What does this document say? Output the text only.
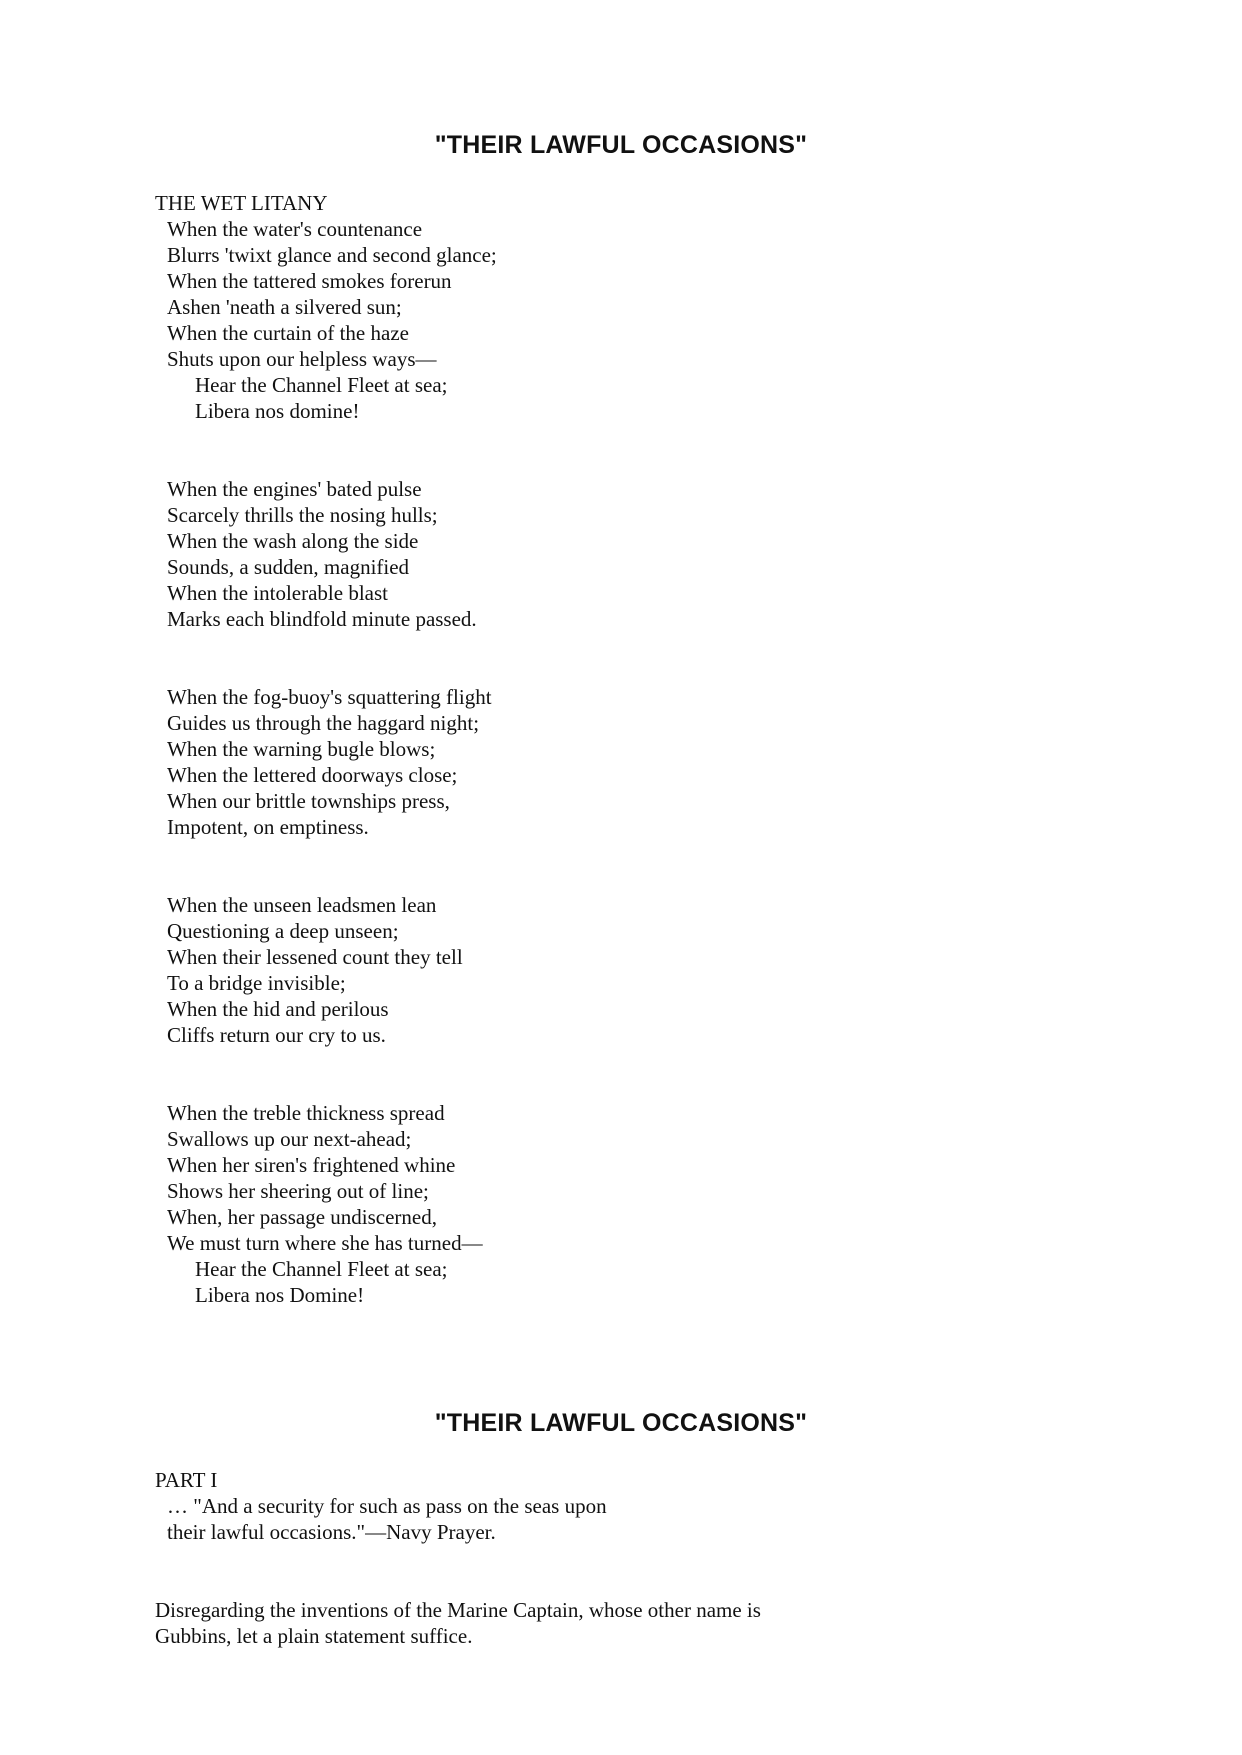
"THEIR LAWFUL OCCASIONS"
THE WET LITANY
When the water's countenance
Blurrs 'twixt glance and second glance;
When the tattered smokes forerun
Ashen 'neath a silvered sun;
When the curtain of the haze
Shuts upon our helpless ways—
Hear the Channel Fleet at sea;
Libera nos domine!
When the engines' bated pulse
Scarcely thrills the nosing hulls;
When the wash along the side
Sounds, a sudden, magnified
When the intolerable blast
Marks each blindfold minute passed.
When the fog-buoy's squattering flight
Guides us through the haggard night;
When the warning bugle blows;
When the lettered doorways close;
When our brittle townships press,
Impotent, on emptiness.
When the unseen leadsmen lean
Questioning a deep unseen;
When their lessened count they tell
To a bridge invisible;
When the hid and perilous
Cliffs return our cry to us.
When the treble thickness spread
Swallows up our next-ahead;
When her siren's frightened whine
Shows her sheering out of line;
When, her passage undiscerned,
We must turn where she has turned—
Hear the Channel Fleet at sea;
Libera nos Domine!
"THEIR LAWFUL OCCASIONS"
PART I
… "And a security for such as pass on the seas upon
their lawful occasions."—Navy Prayer.
Disregarding the inventions of the Marine Captain, whose other name is
Gubbins, let a plain statement suffice.
